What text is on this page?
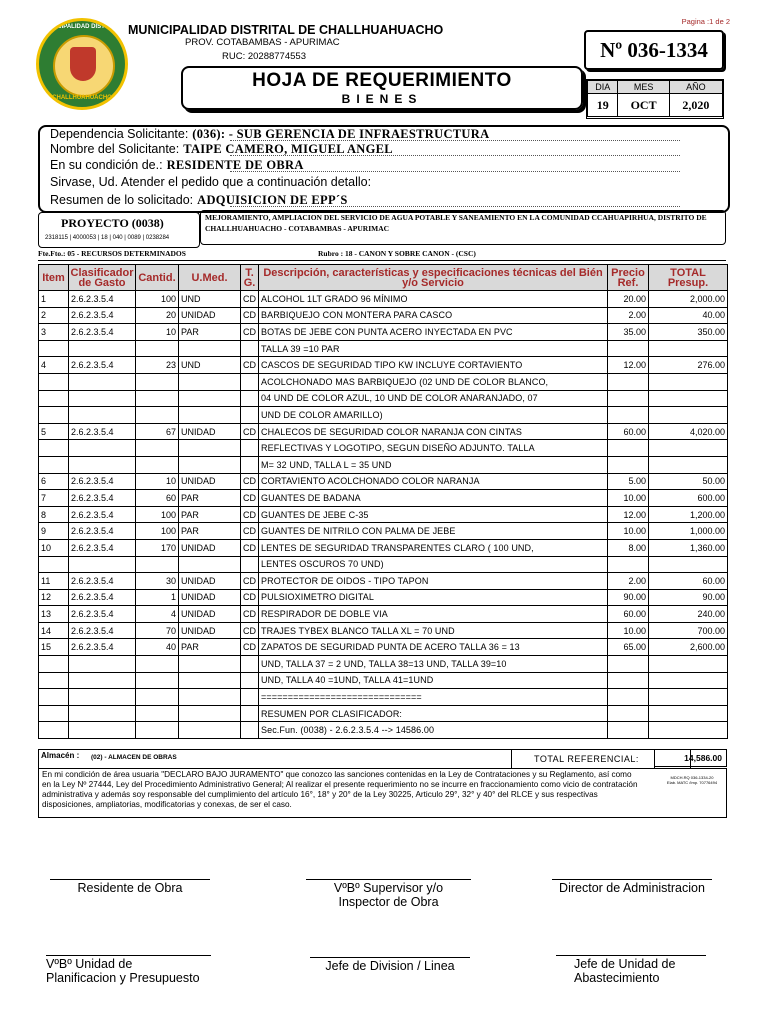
MUNICIPALIDAD DISTRITAL
CHALLHUAHUACHO
MUNICIPALIDAD DISTRITAL DE CHALLHUAHUACHO
PROV. COTABAMBAS - APURIMAC
RUC: 20288774553
Pagina :1 de 2
HOJA DE REQUERIMIENTO
BIENES
Nº 036-1334
DIA	MES	AÑO
19	OCT	2,020
Dependencia Solicitante: (036): - SUB GERENCIA DE INFRAESTRUCTURA
Nombre del Solicitante: TAIPE CAMERO, MIGUEL ANGEL
En su condición de.: RESIDENTE DE OBRA
Sirvase, Ud. Atender el pedido que a continuación detallo:
Resumen de lo solicitado: ADQUISICION DE EPP´S
PROYECTO (0038)
2318115 | 4000053 | 18 | 040 | 0089 | 0238284
MEJORAMIENTO, AMPLIACION DEL SERVICIO DE AGUA POTABLE Y SANEAMIENTO EN LA COMUNIDAD CCAHUAPIRHUA, DISTRITO DE CHALLHUAHUACHO - COTABAMBAS - APURIMAC
Fte.Fto.: 05 - RECURSOS DETERMINADOS	Rubro : 18 - CANON Y SOBRE CANON - (CSC)
Item	Clasificador de Gasto	Cantid.	U.Med.	T. G.	Descripción, características y especificaciones técnicas del Bién y/o Servicio	Precio Ref.	TOTAL Presup.
1	2.6.2.3.5.4	100	UND	CD	ALCOHOL 1LT GRADO 96 MÍNIMO	20.00	2,000.00
2	2.6.2.3.5.4	20	UNIDAD	CD	BARBIQUEJO CON MONTERA PARA CASCO	2.00	40.00
3	2.6.2.3.5.4	10	PAR	CD	BOTAS DE JEBE CON PUNTA ACERO INYECTADA EN PVC	35.00	350.00
					TALLA 39 =10 PAR		
4	2.6.2.3.5.4	23	UND	CD	CASCOS DE SEGURIDAD TIPO KW INCLUYE CORTAVIENTO	12.00	276.00
					ACOLCHONADO MAS BARBIQUEJO (02 UND DE COLOR BLANCO,		
					04 UND DE COLOR AZUL, 10 UND DE COLOR ANARANJADO, 07		
					UND DE COLOR AMARILLO)		
5	2.6.2.3.5.4	67	UNIDAD	CD	CHALECOS DE SEGURIDAD COLOR NARANJA CON CINTAS	60.00	4,020.00
					REFLECTIVAS Y LOGOTIPO, SEGUN DISEÑO ADJUNTO. TALLA		
					M= 32 UND, TALLA L = 35 UND		
6	2.6.2.3.5.4	10	UNIDAD	CD	CORTAVIENTO ACOLCHONADO COLOR NARANJA	5.00	50.00
7	2.6.2.3.5.4	60	PAR	CD	GUANTES DE BADANA	10.00	600.00
8	2.6.2.3.5.4	100	PAR	CD	GUANTES DE JEBE C-35	12.00	1,200.00
9	2.6.2.3.5.4	100	PAR	CD	GUANTES DE NITRILO CON PALMA DE JEBE	10.00	1,000.00
10	2.6.2.3.5.4	170	UNIDAD	CD	LENTES DE SEGURIDAD TRANSPARENTES CLARO ( 100 UND,	8.00	1,360.00
					LENTES OSCUROS 70 UND)		
11	2.6.2.3.5.4	30	UNIDAD	CD	PROTECTOR DE OIDOS - TIPO TAPON	2.00	60.00
12	2.6.2.3.5.4	1	UNIDAD	CD	PULSIOXIMETRO DIGITAL	90.00	90.00
13	2.6.2.3.5.4	4	UNIDAD	CD	RESPIRADOR DE DOBLE VIA	60.00	240.00
14	2.6.2.3.5.4	70	UNIDAD	CD	TRAJES TYBEX BLANCO TALLA XL = 70 UND	10.00	700.00
15	2.6.2.3.5.4	40	PAR	CD	ZAPATOS DE SEGURIDAD PUNTA DE ACERO TALLA 36 = 13	65.00	2,600.00
					UND, TALLA 37 = 2 UND, TALLA 38=13 UND, TALLA 39=10		
					UND, TALLA 40 =1UND, TALLA 41=1UND		
					==============================		
					RESUMEN POR CLASIFICADOR:		
					Sec.Fun. (0038) - 2.6.2.3.5.4 --> 14586.00		
Almacén : (02) - ALMACEN DE OBRAS	TOTAL REFERENCIAL:	14,586.00
En mi condición de área usuaria "DECLARO BAJO JURAMENTO" que conozco las sanciones contenidas en la Ley de Contrataciones y su Reglamento, así como en la Ley Nº 27444, Ley del Procedimiento Administrativo General; Al realizar el presente requerimiento no se incurre en fraccionamiento como vicio de contratación administrativa y además soy responsable del cumplimiento del artículo 16°, 18° y 20° de la Ley 30225, Articulo 29°, 32° y 40° del RLCE y sus respectivas disposiciones, ampliatorias, modificatorias y conexas, de ser el caso.
MDCH.RQ 036-1334-20
Elab. MATC /Imp. 70776494
Residente de Obra	VºBº Supervisor y/o
Inspector de Obra
Director de Administracion
VºBº Unidad de
Planificacion y Presupuesto
Jefe de Division / Linea	Jefe de Unidad de
Abastecimiento
